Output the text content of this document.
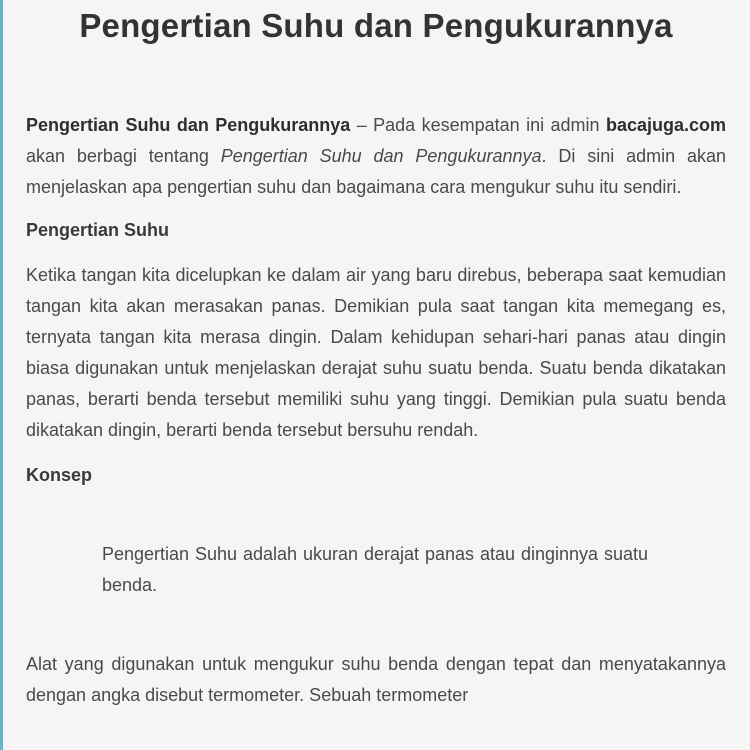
Pengertian Suhu dan Pengukurannya

Pengertian Suhu dan Pengukurannya – Pada kesempatan ini admin bacajuga.com akan berbagi tentang Pengertian Suhu dan Pengukurannya. Di sini admin akan menjelaskan apa pengertian suhu dan bagaimana cara mengukur suhu itu sendiri.

Pengertian Suhu

Ketika tangan kita dicelupkan ke dalam air yang baru direbus, beberapa saat kemudian tangan kita akan merasakan panas. Demikian pula saat tangan kita memegang es, ternyata tangan kita merasa dingin. Dalam kehidupan sehari-hari panas atau dingin biasa digunakan untuk menjelaskan derajat suhu suatu benda. Suatu benda dikatakan panas, berarti benda tersebut memiliki suhu yang tinggi. Demikian pula suatu benda dikatakan dingin, berarti benda tersebut bersuhu rendah.

Konsep
Pengertian Suhu adalah ukuran derajat panas atau dinginnya suatu benda.

Alat yang digunakan untuk mengukur suhu benda dengan tepat dan menyatakannya dengan angka disebut termometer. Sebuah termometer
